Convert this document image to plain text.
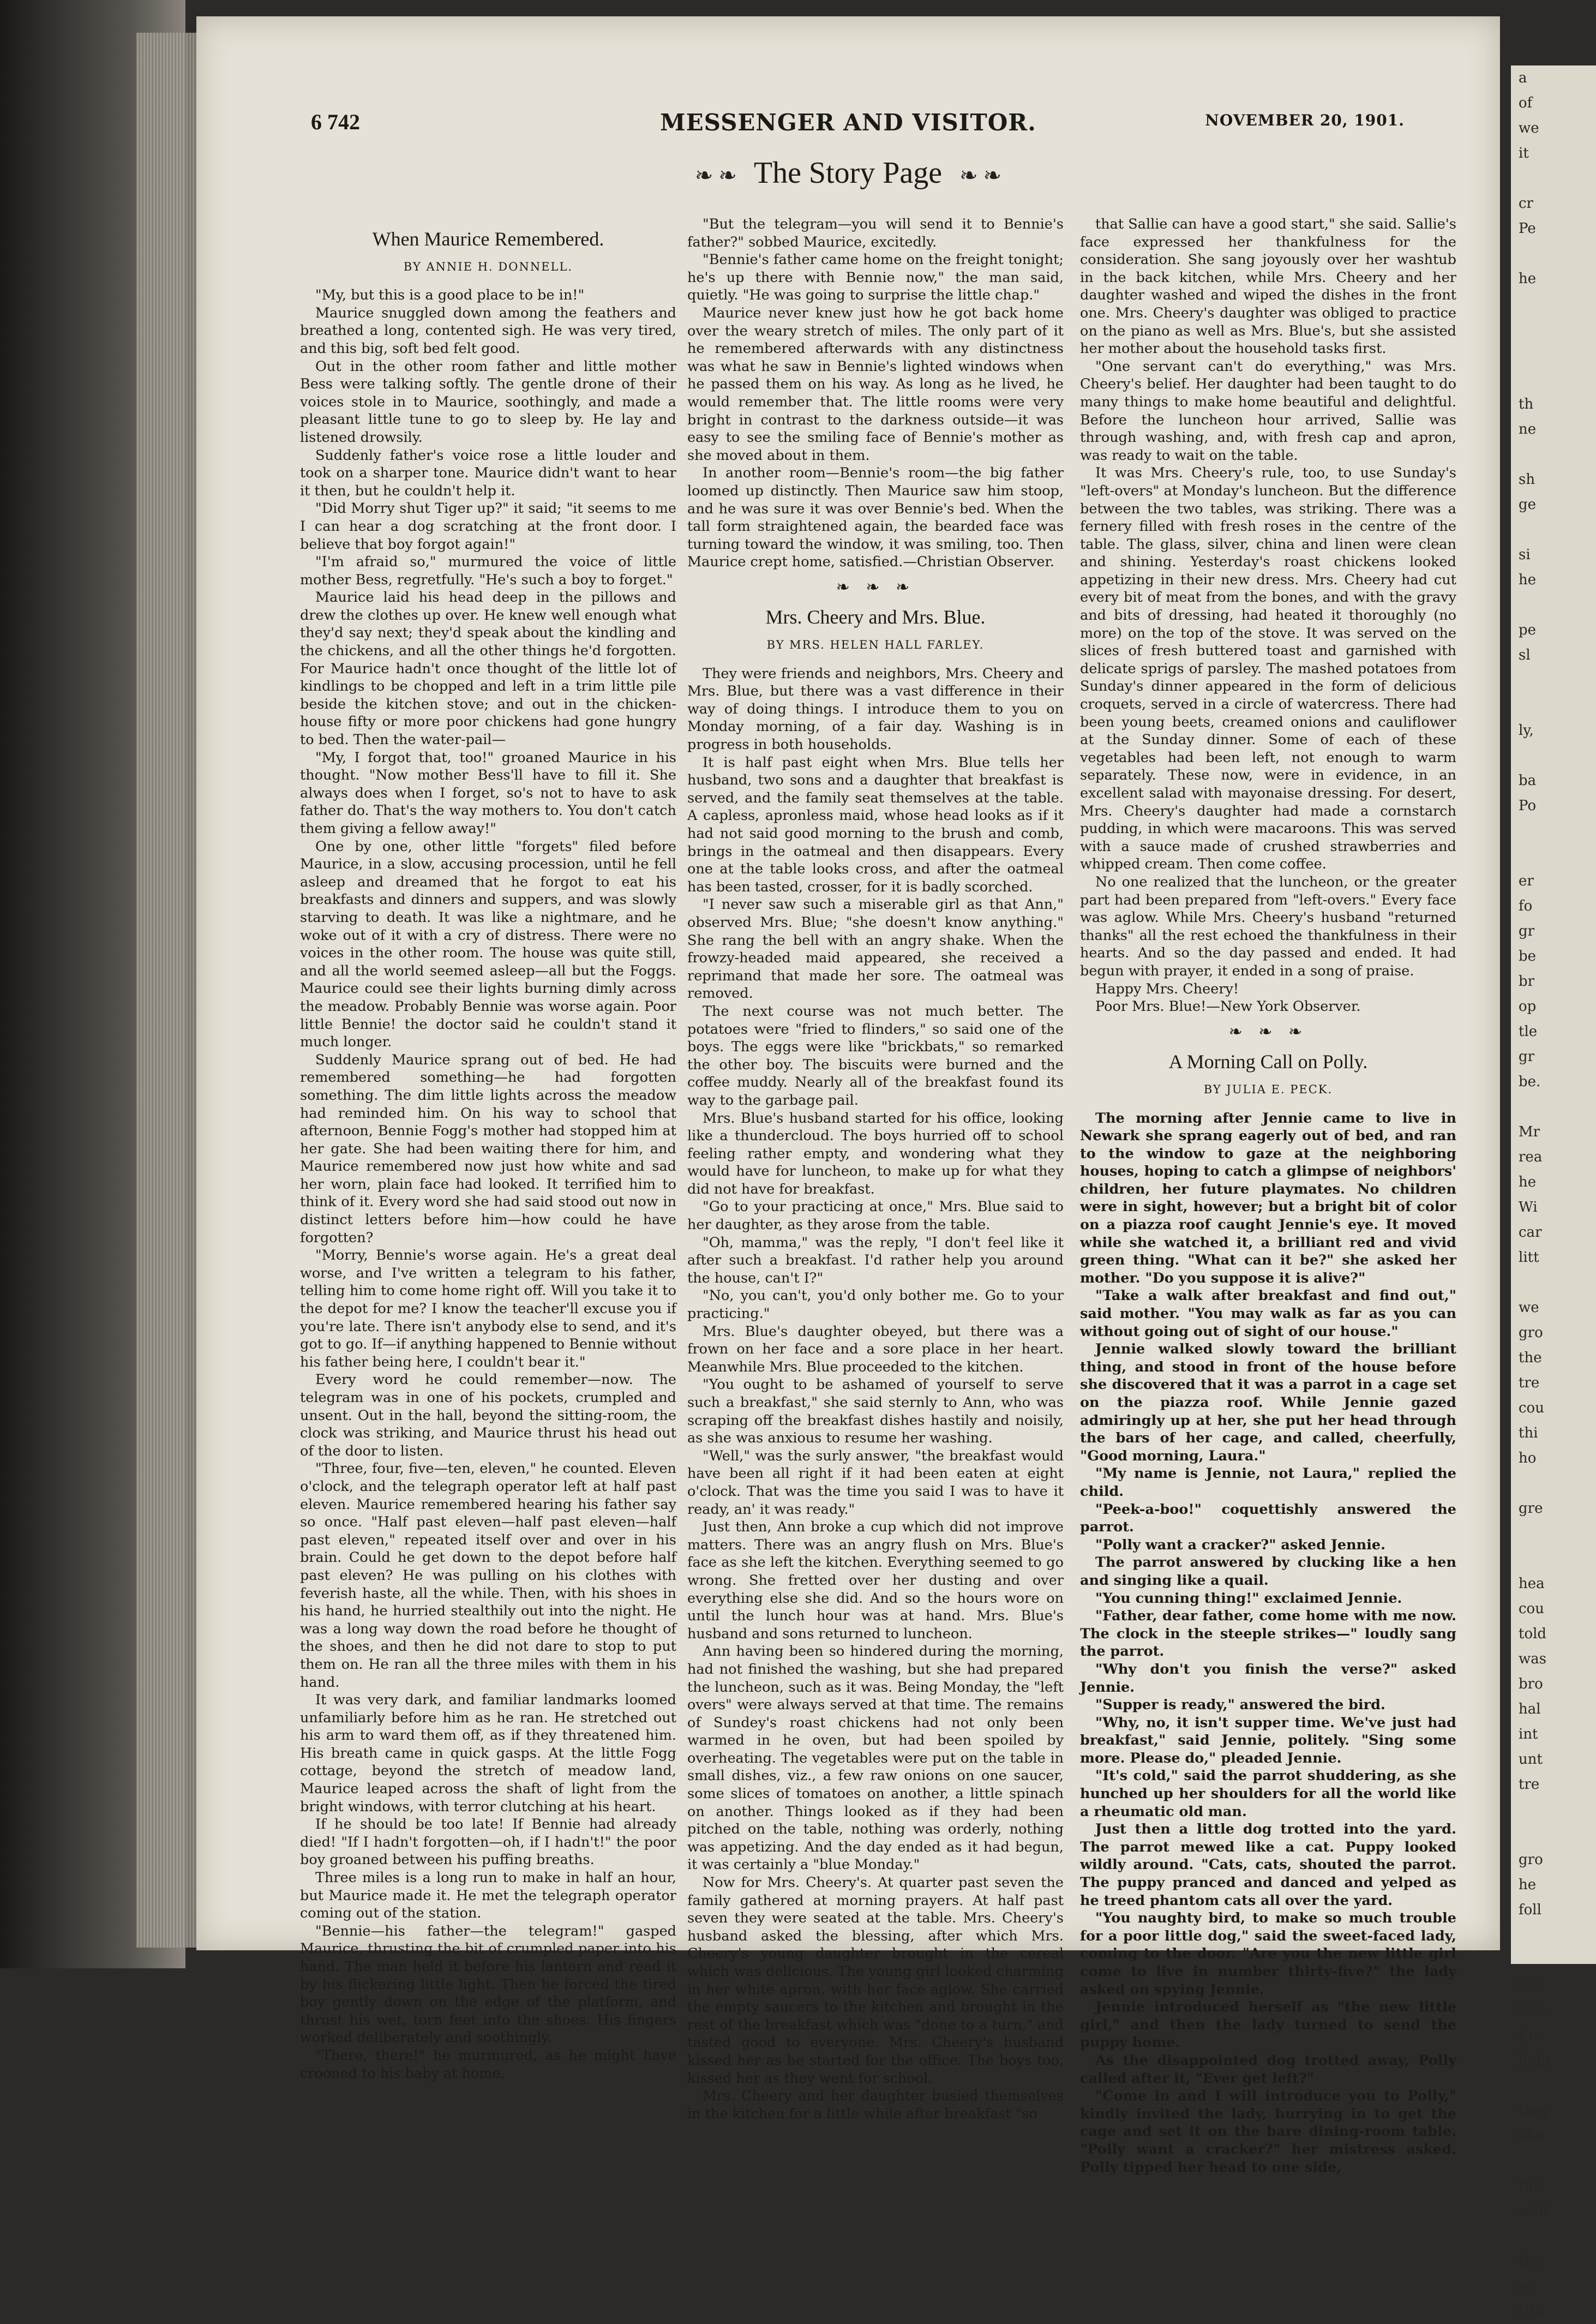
a
of
we
it

cr
Pe

he

th
ne

sh
ge

si
he

pe
sl

ly,

ba
Po

er
fo
gr
be
br
op
tle
gr
be.

Mr
rea
he
Wi
car
litt

we
gro
the
tre
cou
thi
ho

gre

hea
cou
told
was
bro
hal
int
unt
tre

gro
he
foll

alo
and
t n
help

they
sha

thi
wan

the
sp
Chi
6 742	MESSENGER AND VISITOR.	NOVEMBER 20, 1901.
❧ ❧ The Story Page ❧ ❧
When Maurice Remembered.
BY ANNIE H. DONNELL.

"My, but this is a good place to be in!"

Maurice snuggled down among the feathers and breathed a long, contented sigh. He was very tired, and this big, soft bed felt good.

Out in the other room father and little mother Bess were talking softly. The gentle drone of their voices stole in to Maurice, soothingly, and made a pleasant little tune to go to sleep by. He lay and listened drowsily.

Suddenly father's voice rose a little louder and took on a sharper tone. Maurice didn't want to hear it then, but he couldn't help it.

"Did Morry shut Tiger up?" it said; "it seems to me I can hear a dog scratching at the front door. I believe that boy forgot again!"

"I'm afraid so," murmured the voice of little mother Bess, regretfully. "He's such a boy to forget."

Maurice laid his head deep in the pillows and drew the clothes up over. He knew well enough what they'd say next; they'd speak about the kindling and the chickens, and all the other things he'd forgotten. For Maurice hadn't once thought of the little lot of kindlings to be chopped and left in a trim little pile beside the kitchen stove; and out in the chicken-house fifty or more poor chickens had gone hungry to bed. Then the water-pail—

"My, I forgot that, too!" groaned Maurice in his thought. "Now mother Bess'll have to fill it. She always does when I forget, so's not to have to ask father do. That's the way mothers to. You don't catch them giving a fellow away!"

One by one, other little "forgets" filed before Maurice, in a slow, accusing procession, until he fell asleep and dreamed that he forgot to eat his breakfasts and dinners and suppers, and was slowly starving to death. It was like a nightmare, and he woke out of it with a cry of distress. There were no voices in the other room. The house was quite still, and all the world seemed asleep—all but the Foggs. Maurice could see their lights burning dimly across the meadow. Probably Bennie was worse again. Poor little Bennie! the doctor said he couldn't stand it much longer.

Suddenly Maurice sprang out of bed. He had remembered something—he had forgotten something. The dim little lights across the meadow had reminded him. On his way to school that afternoon, Bennie Fogg's mother had stopped him at her gate. She had been waiting there for him, and Maurice remembered now just how white and sad her worn, plain face had looked. It terrified him to think of it. Every word she had said stood out now in distinct letters before him—how could he have forgotten?

"Morry, Bennie's worse again. He's a great deal worse, and I've written a telegram to his father, telling him to come home right off. Will you take it to the depot for me? I know the teacher'll excuse you if you're late. There isn't anybody else to send, and it's got to go. If—if anything happened to Bennie without his father being here, I couldn't bear it."

Every word he could remember—now. The telegram was in one of his pockets, crumpled and unsent. Out in the hall, beyond the sitting-room, the clock was striking, and Maurice thrust his head out of the door to listen.

"Three, four, five—ten, eleven," he counted. Eleven o'clock, and the telegraph operator left at half past eleven. Maurice remembered hearing his father say so once. "Half past eleven—half past eleven—half past eleven," repeated itself over and over in his brain. Could he get down to the depot before half past eleven? He was pulling on his clothes with feverish haste, all the while. Then, with his shoes in his hand, he hurried stealthily out into the night. He was a long way down the road before he thought of the shoes, and then he did not dare to stop to put them on. He ran all the three miles with them in his hand.

It was very dark, and familiar landmarks loomed unfamiliarly before him as he ran. He stretched out his arm to ward them off, as if they threatened him. His breath came in quick gasps. At the little Fogg cottage, beyond the stretch of meadow land, Maurice leaped across the shaft of light from the bright windows, with terror clutching at his heart.

If he should be too late! If Bennie had already died! "If I hadn't forgotten—oh, if I hadn't!" the poor boy groaned between his puffing breaths.

Three miles is a long run to make in half an hour, but Maurice made it. He met the telegraph operator coming out of the station.

"Bennie—his father—the telegram!" gasped Maurice, thrusting the bit of crumpled paper into his hand. The man held it before his lantern and read it by his flickering little light. Then he forced the tired boy gently down on the edge of the platform, and thrust his wet, torn feet into the shoes. His fingers worked deliberately and soothingly.

"There, there!" he murmured, as he might have crooned to his baby at home.

"But the telegram—you will send it to Bennie's father?" sobbed Maurice, excitedly.

"Bennie's father came home on the freight tonight; he's up there with Bennie now," the man said, quietly. "He was going to surprise the little chap."

Maurice never knew just how he got back home over the weary stretch of miles. The only part of it he remembered afterwards with any distinctness was what he saw in Bennie's lighted windows when he passed them on his way. As long as he lived, he would remember that. The little rooms were very bright in contrast to the darkness outside—it was easy to see the smiling face of Bennie's mother as she moved about in them.

In another room—Bennie's room—the big father loomed up distinctly. Then Maurice saw him stoop, and he was sure it was over Bennie's bed. When the tall form straightened again, the bearded face was turning toward the window, it was smiling, too. Then Maurice crept home, satisfied.—Christian Observer.

❧ ❧ ❧
Mrs. Cheery and Mrs. Blue.
BY MRS. HELEN HALL FARLEY.

They were friends and neighbors, Mrs. Cheery and Mrs. Blue, but there was a vast difference in their way of doing things. I introduce them to you on Monday morning, of a fair day. Washing is in progress in both households.

It is half past eight when Mrs. Blue tells her husband, two sons and a daughter that breakfast is served, and the family seat themselves at the table. A capless, apronless maid, whose head looks as if it had not said good morning to the brush and comb, brings in the oatmeal and then disappears. Every one at the table looks cross, and after the oatmeal has been tasted, crosser, for it is badly scorched.

"I never saw such a miserable girl as that Ann," observed Mrs. Blue; "she doesn't know anything." She rang the bell with an angry shake. When the frowzy-headed maid appeared, she received a reprimand that made her sore. The oatmeal was removed.

The next course was not much better. The potatoes were "fried to flinders," so said one of the boys. The eggs were like "brickbats," so remarked the other boy. The biscuits were burned and the coffee muddy. Nearly all of the breakfast found its way to the garbage pail.

Mrs. Blue's husband started for his office, looking like a thundercloud. The boys hurried off to school feeling rather empty, and wondering what they would have for luncheon, to make up for what they did not have for breakfast.

"Go to your practicing at once," Mrs. Blue said to her daughter, as they arose from the table.

"Oh, mamma," was the reply, "I don't feel like it after such a breakfast. I'd rather help you around the house, can't I?"

"No, you can't, you'd only bother me. Go to your practicing."

Mrs. Blue's daughter obeyed, but there was a frown on her face and a sore place in her heart. Meanwhile Mrs. Blue proceeded to the kitchen.

"You ought to be ashamed of yourself to serve such a breakfast," she said sternly to Ann, who was scraping off the breakfast dishes hastily and noisily, as she was anxious to resume her washing.

"Well," was the surly answer, "the breakfast would have been all right if it had been eaten at eight o'clock. That was the time you said I was to have it ready, an' it was ready."

Just then, Ann broke a cup which did not improve matters. There was an angry flush on Mrs. Blue's face as she left the kitchen. Everything seemed to go wrong. She fretted over her dusting and over everything else she did. And so the hours wore on until the lunch hour was at hand. Mrs. Blue's husband and sons returned to luncheon.

Ann having been so hindered during the morning, had not finished the washing, but she had prepared the luncheon, such as it was. Being Monday, the "left overs" were always served at that time. The remains of Sundey's roast chickens had not only been warmed in he oven, but had been spoiled by overheating. The vegetables were put on the table in small dishes, viz., a few raw onions on one saucer, some slices of tomatoes on another, a little spinach on another. Things looked as if they had been pitched on the table, nothing was orderly, nothing was appetizing. And the day ended as it had begun, it was certainly a "blue Monday."

Now for Mrs. Cheery's. At quarter past seven the family gathered at morning prayers. At half past seven they were seated at the table. Mrs. Cheery's husband asked the blessing, after which Mrs. Cheery's young daughter brought in the cereal which was delicious. The young girl looked charming in her white apron, with her face aglow. She carried the empty saucers to the kitchen and brought in the rest of the breakfast which was "done to a turn," and tasted good to everyone. Mrs. Cheery's husband kissed her as he started for the office. The boys too, kissed her as they went for school.

Mrs. Cheery and her daughter busied themselves in the kitchen for a little while after breakfast "so

that Sallie can have a good start," she said. Sallie's face expressed her thankfulness for the consideration. She sang joyously over her washtub in the back kitchen, while Mrs. Cheery and her daughter washed and wiped the dishes in the front one. Mrs. Cheery's daughter was obliged to practice on the piano as well as Mrs. Blue's, but she assisted her mother about the household tasks first.

"One servant can't do everything," was Mrs. Cheery's belief. Her daughter had been taught to do many things to make home beautiful and delightful. Before the luncheon hour arrived, Sallie was through washing, and, with fresh cap and apron, was ready to wait on the table.

It was Mrs. Cheery's rule, too, to use Sunday's "left-overs" at Monday's luncheon. But the difference between the two tables, was striking. There was a fernery filled with fresh roses in the centre of the table. The glass, silver, china and linen were clean and shining. Yesterday's roast chickens looked appetizing in their new dress. Mrs. Cheery had cut every bit of meat from the bones, and with the gravy and bits of dressing, had heated it thoroughly (no more) on the top of the stove. It was served on the slices of fresh buttered toast and garnished with delicate sprigs of parsley. The mashed potatoes from Sunday's dinner appeared in the form of delicious croquets, served in a circle of watercress. There had been young beets, creamed onions and cauliflower at the Sunday dinner. Some of each of these vegetables had been left, not enough to warm separately. These now, were in evidence, in an excellent salad with mayonaise dressing. For desert, Mrs. Cheery's daughter had made a cornstarch pudding, in which were macaroons. This was served with a sauce made of crushed strawberries and whipped cream. Then come coffee.

No one realized that the luncheon, or the greater part had been prepared from "left-overs." Every face was aglow. While Mrs. Cheery's husband "returned thanks" all the rest echoed the thankfulness in their hearts. And so the day passed and ended. It had begun with prayer, it ended in a song of praise.

Happy Mrs. Cheery!

Poor Mrs. Blue!—New York Observer.

❧ ❧ ❧
A Morning Call on Polly.
BY JULIA E. PECK.

The morning after Jennie came to live in Newark she sprang eagerly out of bed, and ran to the window to gaze at the neighboring houses, hoping to catch a glimpse of neighbors' children, her future playmates. No children were in sight, however; but a bright bit of color on a piazza roof caught Jennie's eye. It moved while she watched it, a brilliant red and vivid green thing. "What can it be?" she asked her mother. "Do you suppose it is alive?"

"Take a walk after breakfast and find out," said mother. "You may walk as far as you can without going out of sight of our house."

Jennie walked slowly toward the brilliant thing, and stood in front of the house before she discovered that it was a parrot in a cage set on the piazza roof. While Jennie gazed admiringly up at her, she put her head through the bars of her cage, and called, cheerfully, "Good morning, Laura."

"My name is Jennie, not Laura," replied the child.

"Peek-a-boo!" coquettishly answered the parrot.

"Polly want a cracker?" asked Jennie.

The parrot answered by clucking like a hen and singing like a quail.

"You cunning thing!" exclaimed Jennie.

"Father, dear father, come home with me now. The clock in the steeple strikes—" loudly sang the parrot.

"Why don't you finish the verse?" asked Jennie.

"Supper is ready," answered the bird.

"Why, no, it isn't supper time. We've just had breakfast," said Jennie, politely. "Sing some more. Please do," pleaded Jennie.

"It's cold," said the parrot shuddering, as she hunched up her shoulders for all the world like a rheumatic old man.

Just then a little dog trotted into the yard. The parrot mewed like a cat. Puppy looked wildly around. "Cats, cats, shouted the parrot. The puppy pranced and danced and yelped as he treed phantom cats all over the yard.

"You naughty bird, to make so much trouble for a poor little dog," said the sweet-faced lady, coming to the door. "Are you the new little girl come to live in number thirty-five?" the lady asked on spying Jennie.

Jennie introduced herself as "the new little girl," and then the lady turned to send the puppy home.

As the disappointed dog trotted away, Polly called after it, "Ever get left?"

"Come in and I will introduce you to Polly," kindly invited the lady, hurrying in to get the cage and set it on the bare dining-room table. "Polly want a cracker?" her mistress asked. Polly tipped her head to one side,
